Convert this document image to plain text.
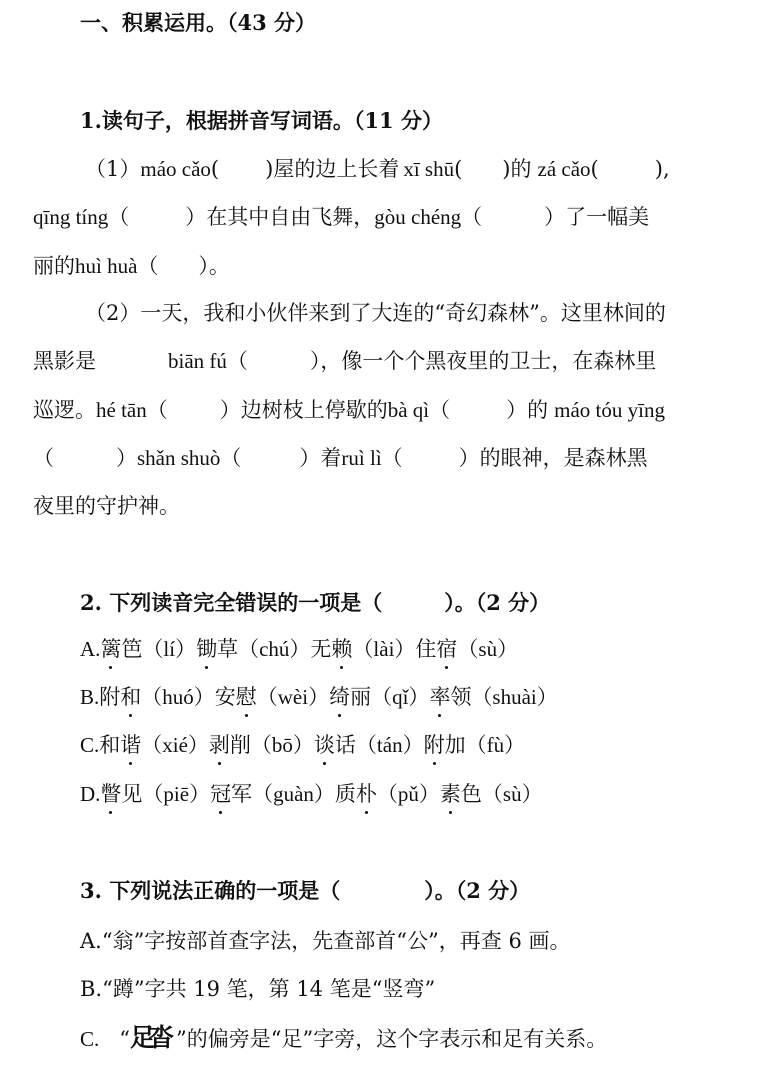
一、积累运用。（43 分）
1.读句子，根据拼音写词语。（11 分）
（1）máo cǎo( )屋的边上长着 xī shū( )的 zá cǎo(	),
qīng tíng（	）在其中自由飞舞，gòu chéng（	）了一幅美
丽的huì huà（ ）。
（2）一天，我和小伙伴来到了大连的“奇幻森林”。这里林间的
黑影是	biān fú（	），像一个个黑夜里的卫士，在森林里
巡逻。hé tān（ ）边树枝上停歇的bà qì（	）的 máo tóu yīng
（	）shǎn shuò（	）着ruì lì（	）的眼神，是森林黑
夜里的守护神。
2. 下列读音完全错误的一项是（	）。（2 分）
A.篱笆（lí）锄草（chú）无赖（lài）住宿（sù）
B.附和（huó）安慰（wèi）绮丽（qǐ）率领（shuài）
C.和谐（xié）剥削（bō）谈话（tán）附加（fù）
D.瞥见（piē）冠军（guàn）质朴（pǔ）素色（sù）
3. 下列说法正确的一项是（	）。（2 分）
A.“翁”字按部首查字法，先查部首“公”，再查 6 画。
B.“蹲”字共 19 笔，第 14 笔是“竖弯”
C. “足沓 ”的偏旁是“足”字旁，这个字表示和足有关系。
